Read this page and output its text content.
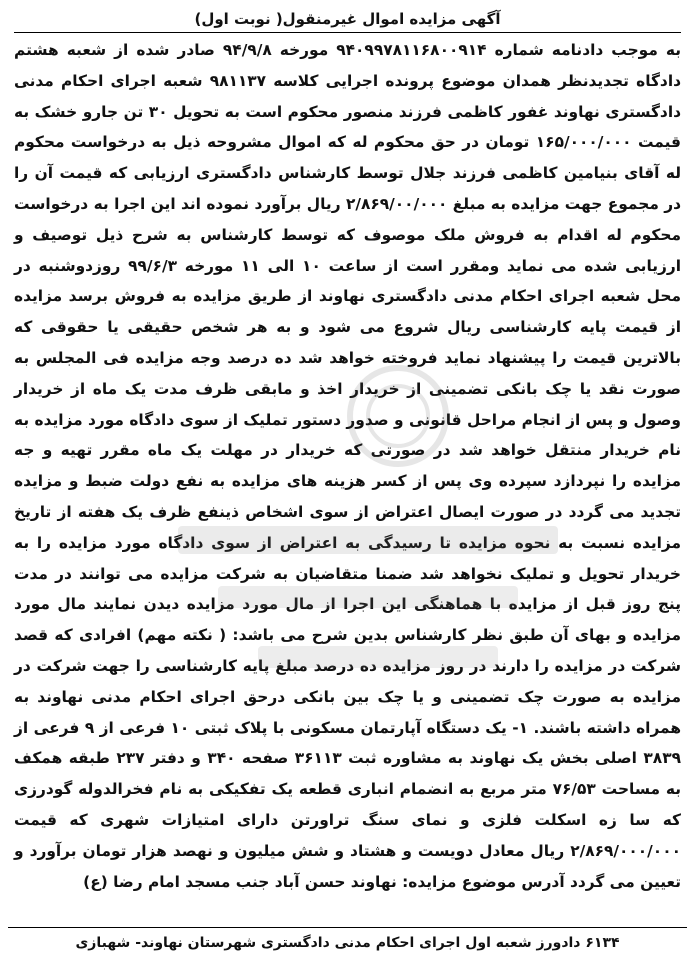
آگهی مزایده اموال غیرمنقول( نوبت اول)

به موجب دادنامه شماره ۹۴۰۹۹۷۸۱۱۶۸۰۰۹۱۴ مورخه ۹۴/۹/۸ صادر شده از شعبه هشتم دادگاه تجدیدنظر همدان موضوع پرونده اجرایی کلاسه ۹۸۱۱۳۷ شعبه اجرای احکام مدنی دادگستری نهاوند غفور کاظمی فرزند منصور محکوم است به تحویل ۳۰ تن جارو خشک به قیمت ۱۶۵/۰۰۰/۰۰۰ تومان در حق محکوم له که اموال مشروحه ذیل به درخواست محکوم له آقای بنیامین کاظمی فرزند جلال توسط کارشناس دادگستری ارزیابی که قیمت آن را در مجموع جهت مزایده به مبلغ ۲/۸۶۹/۰۰/۰۰۰ ریال برآورد نموده اند این اجرا به درخواست محکوم له اقدام به فروش ملک موصوف که توسط کارشناس به شرح ذیل توصیف و ارزیابی شده می نماید ومقرر است از ساعت ۱۰ الی ۱۱ مورخه ۹۹/۶/۳ روزدوشنبه در محل شعبه اجرای احکام مدنی دادگستری نهاوند از طریق مزایده به فروش برسد مزایده از قیمت پایه کارشناسی ریال شروع می شود و به هر شخص حقیقی یا حقوقی که بالاترین قیمت را پیشنهاد نماید فروخته خواهد شد ده درصد وجه مزایده فی المجلس به صورت نقد یا چک بانکی تضمینی از خریدار اخذ و مابقی ظرف مدت یک ماه از خریدار وصول و پس از انجام مراحل قانونی و صدور دستور تملیک از سوی دادگاه مورد مزایده به نام خریدار منتقل خواهد شد در صورتی که خریدار در مهلت یک ماه مقرر تهیه و جه مزایده را نپردازد سپرده وی پس از کسر هزینه های مزایده به نفع دولت ضبط و مزایده تجدید می گردد در صورت ایصال اعتراض از سوی اشخاص ذینفع ظرف یک هفته از تاریخ مزایده نسبت به نحوه مزایده تا رسیدگی به اعتراض از سوی دادگاه مورد مزایده را به خریدار تحویل و تملیک نخواهد شد ضمنا متقاضیان به شرکت مزایده می توانند در مدت پنج روز قبل از مزایده با هماهنگی این اجرا از مال مورد مزایده دیدن نمایند مال مورد مزایده و بهای آن طبق نظر کارشناس بدین شرح می باشد: ( نکته مهم) افرادی که قصد شرکت در مزایده را دارند در روز مزایده ده درصد مبلغ پایه کارشناسی را جهت شرکت در مزایده به صورت چک تضمینی و یا چک بین بانکی درحق اجرای احکام مدنی نهاوند به همراه داشته باشند. ۱- یک دستگاه آپارتمان مسکونی با پلاک ثبتی ۱۰ فرعی از ۹ فرعی از ۳۸۳۹ اصلی بخش یک نهاوند به مشاوره ثبت ۳۶۱۱۳ صفحه ۳۴۰ و دفتر ۲۳۷ طبقه همکف به مساحت ۷۶/۵۳ متر مربع به انضمام انباری قطعه یک تفکیکی به نام فخرالدوله گودرزی که سا زه اسکلت فلزی و نمای سنگ تراورتن دارای امتیازات شهری که قیمت ۲/۸۶۹/۰۰۰/۰۰۰ ریال معادل دویست و هشتاد و شش میلیون و نهصد هزار تومان برآورد و تعیین می گردد آدرس موضوع مزایده: نهاوند حسن آباد جنب مسجد امام رضا (ع)

۶۱۳۴ دادورز شعبه اول اجرای احکام مدنی دادگستری شهرستان نهاوند- شهبازی
